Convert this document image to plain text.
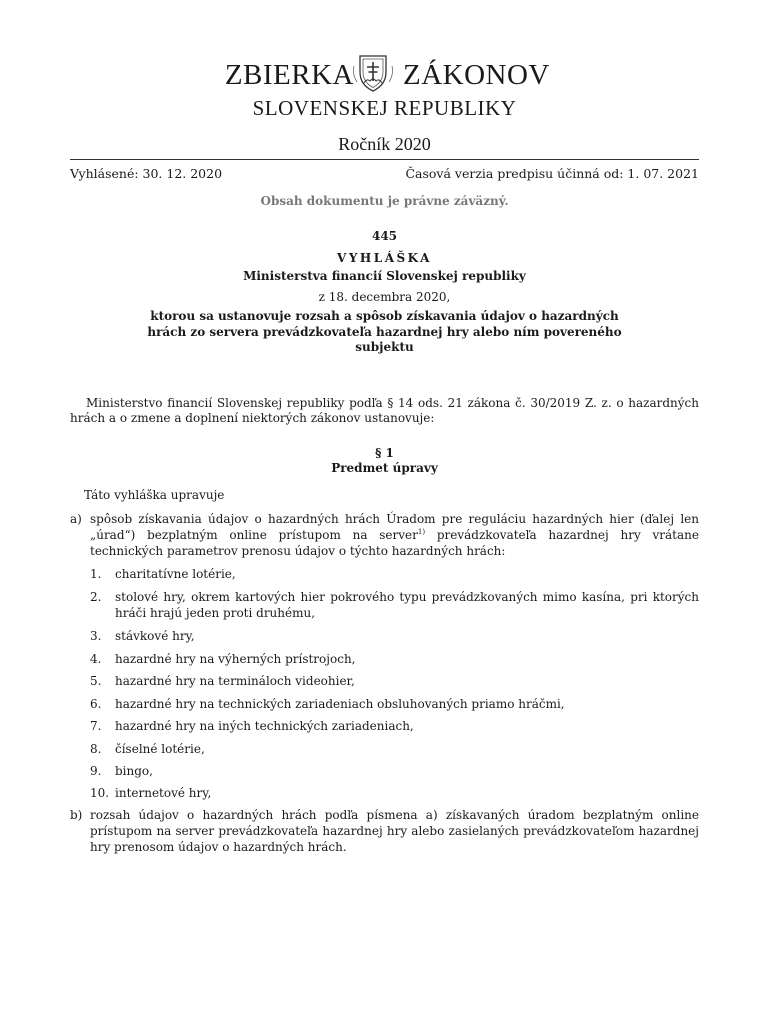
ZBIERKA ZÁKONOV
SLOVENSKEJ REPUBLIKY
Ročník 2020
Vyhlásené: 30. 12. 2020	Časová verzia predpisu účinná od: 1. 07. 2021
Obsah dokumentu je právne záväzný.
445
VYHLÁŠKA
Ministerstva financií Slovenskej republiky
z 18. decembra 2020,
ktorou sa ustanovuje rozsah a spôsob získavania údajov o hazardných hrách zo servera prevádzkovateľa hazardnej hry alebo ním povereného subjektu
Ministerstvo financií Slovenskej republiky podľa § 14 ods. 21 zákona č. 30/2019 Z. z. o hazardných hrách a o zmene a doplnení niektorých zákonov ustanovuje:
§ 1
Predmet úpravy
Táto vyhláška upravuje
a) spôsob získavania údajov o hazardných hrách Úradom pre reguláciu hazardných hier (ďalej len „úrad“) bezplatným online prístupom na server$^{1)}$ prevádzkovateľa hazardnej hry vrátane technických parametrov prenosu údajov o týchto hazardných hrách:
1.	charitatívne lotérie,
2.	stolové hry, okrem kartových hier pokrového typu prevádzkovaných mimo kasína, pri ktorých hráči hrajú jeden proti druhému,
3.	stávkové hry,
4.	hazardné hry na výherných prístrojoch,
5.	hazardné hry na termináloch videohier,
6.	hazardné hry na technických zariadeniach obsluhovaných priamo hráčmi,
7.	hazardné hry na iných technických zariadeniach,
8.	číselné lotérie,
9.	bingo,
10. internetové hry,
b) rozsah údajov o hazardných hrách podľa písmena a) získavaných úradom bezplatným online prístupom na server prevádzkovateľa hazardnej hry alebo zasielaných prevádzkovateľom hazardnej hry prenosom údajov o hazardných hrách.
